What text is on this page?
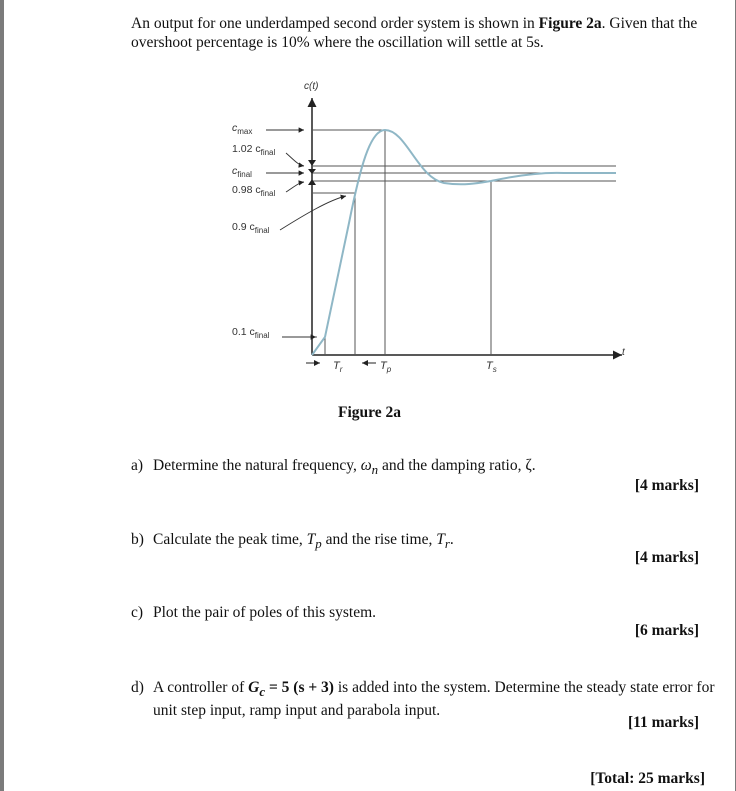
An output for one underdamped second order system is shown in Figure 2a. Given that the overshoot percentage is 10% where the oscillation will settle at 5s.
c(t)
t
$c_{max}$
1.02 $c_{final}$
$c_{final}$
0.98 $c_{final}$
0.9 $c_{final}$
0.1 $c_{final}$
$T_r$	$T_p$	$T_s$
Figure 2a
a) Determine the natural frequency, $\omega_n$ and the damping ratio, ζ.
[4 marks]
b) Calculate the peak time, $T_p$ and the rise time, $T_r$.
[4 marks]
c) Plot the pair of poles of this system.
[6 marks]
d) A controller of $G_c = 5$ (s + 3) is added into the system. Determine the steady state error for unit step input, ramp input and parabola input.
[11 marks]
[Total: 25 marks]
